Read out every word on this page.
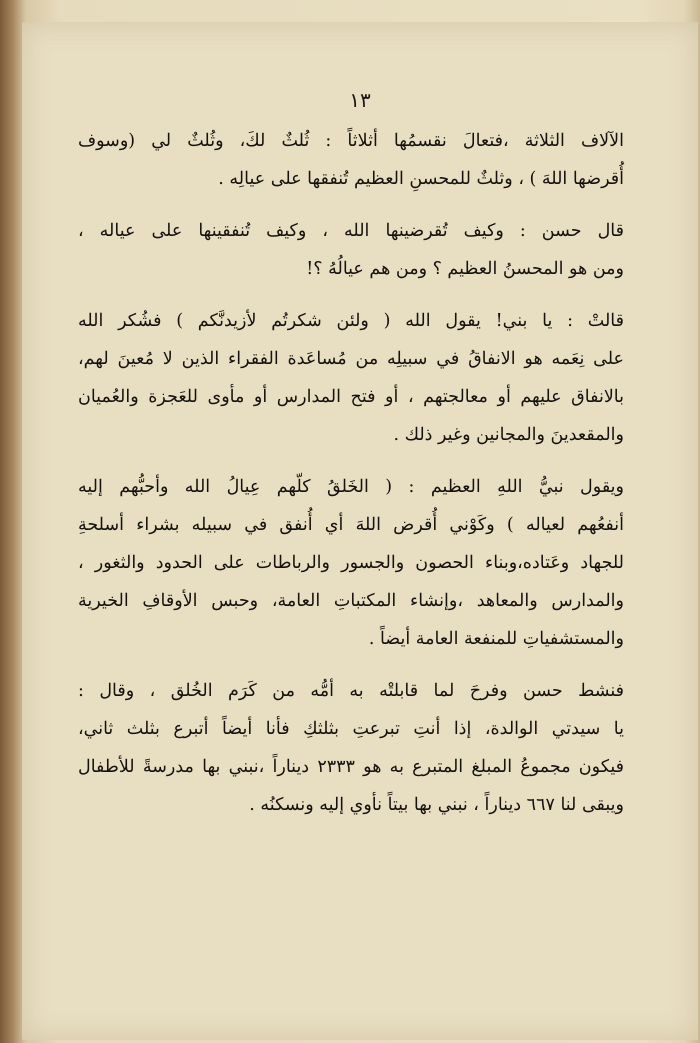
١٣

الآلاف الثلاثة ،فتعالَ نقسمُها أثلاثاً : ثُلثٌ لكَ، وثُلثٌ لي (وسوف
أُقرضها اللهَ ) ، وثلثٌ للمحسنِ العظيم تُنفقها على عيالِه .

قال حسن : وكيف تُقرضينها الله ، وكيف تُنفقينها على عياله ،
ومن هو المحسنُ العظيم ؟ ومن هم عيالُهُ ؟!

قالتْ : يا بني! يقول الله ( ولئن شكرتُم لأزيدنَّكم ) فشُكر الله
على نِعَمه هو الانفاقُ في سبيلِه من مُساعَدة الفقراء الذين لا مُعينَ لهم،
بالانفاق عليهم أو معالجتهم ، أو فتح المدارس أو مأوى للعَجزة والعُميان
والمقعدينَ والمجانين وغير ذلك .

ويقول نبيُّ اللهِ العظيم : ( الخَلقُ كلّهم عِيالُ الله وأحبُّهم إليه
أنفعُهم لعياله ) وكَوْني أُقرض اللهَ أي أُنفق في سبيله بشراء أسلحةِ
للجهاد وعَتاده،وبناء الحصون والجسور والرباطات على الحدود والثغور ،
والمدارس والمعاهد ،وإنشاء المكتباتِ العامة، وحبس الأوقافِ الخيرية
والمستشفياتِ للمنفعة العامة أيضاً .

فنشط حسن وفرحَ لما قابلتْه به أمُّه من كَرَم الخُلق ، وقال :
يا سيدتي الوالدة، إذا أنتِ تبرعتِ بثلثكِ فأنا أيضاً أتبرع بثلث ثاني،
فيكون مجموعُ المبلغ المتبرع به هو ٢٣٣٣ ديناراً ،نبني بها مدرسةً للأطفال
ويبقى لنا ٦٦٧ ديناراً ، نبني بها بيتاً نأوي إليه ونسكنُه .
